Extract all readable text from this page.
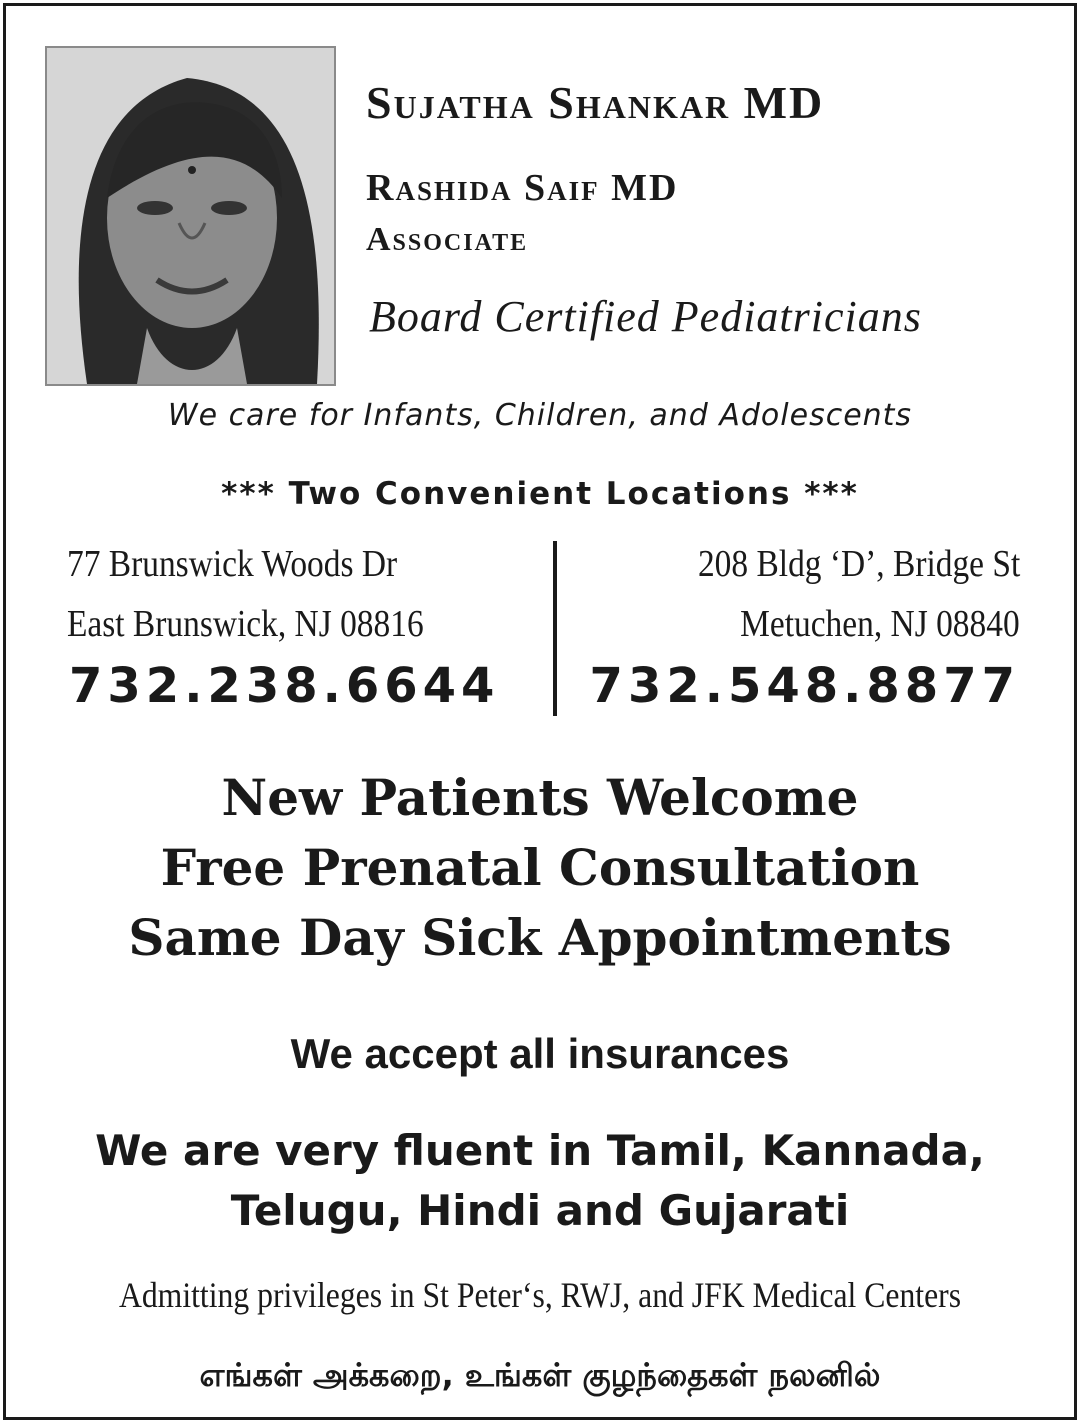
Sujatha Shankar MD
Rashida Saif MD
Associate
Board Certified Pediatricians
We care for Infants, Children, and Adolescents
*** Two Convenient Locations ***
77 Brunswick Woods Dr
East Brunswick, NJ 08816
732.238.6644
208 Bldg ‘D’, Bridge St
Metuchen, NJ 08840
732.548.8877
New Patients Welcome
Free Prenatal Consultation
Same Day Sick Appointments
We accept all insurances
We are very fluent in Tamil, Kannada,
Telugu, Hindi and Gujarati
Admitting privileges in St Peter‘s, RWJ, and JFK Medical Centers
எங்கள் அக்கறை, உங்கள் குழந்தைகள் நலனில்
